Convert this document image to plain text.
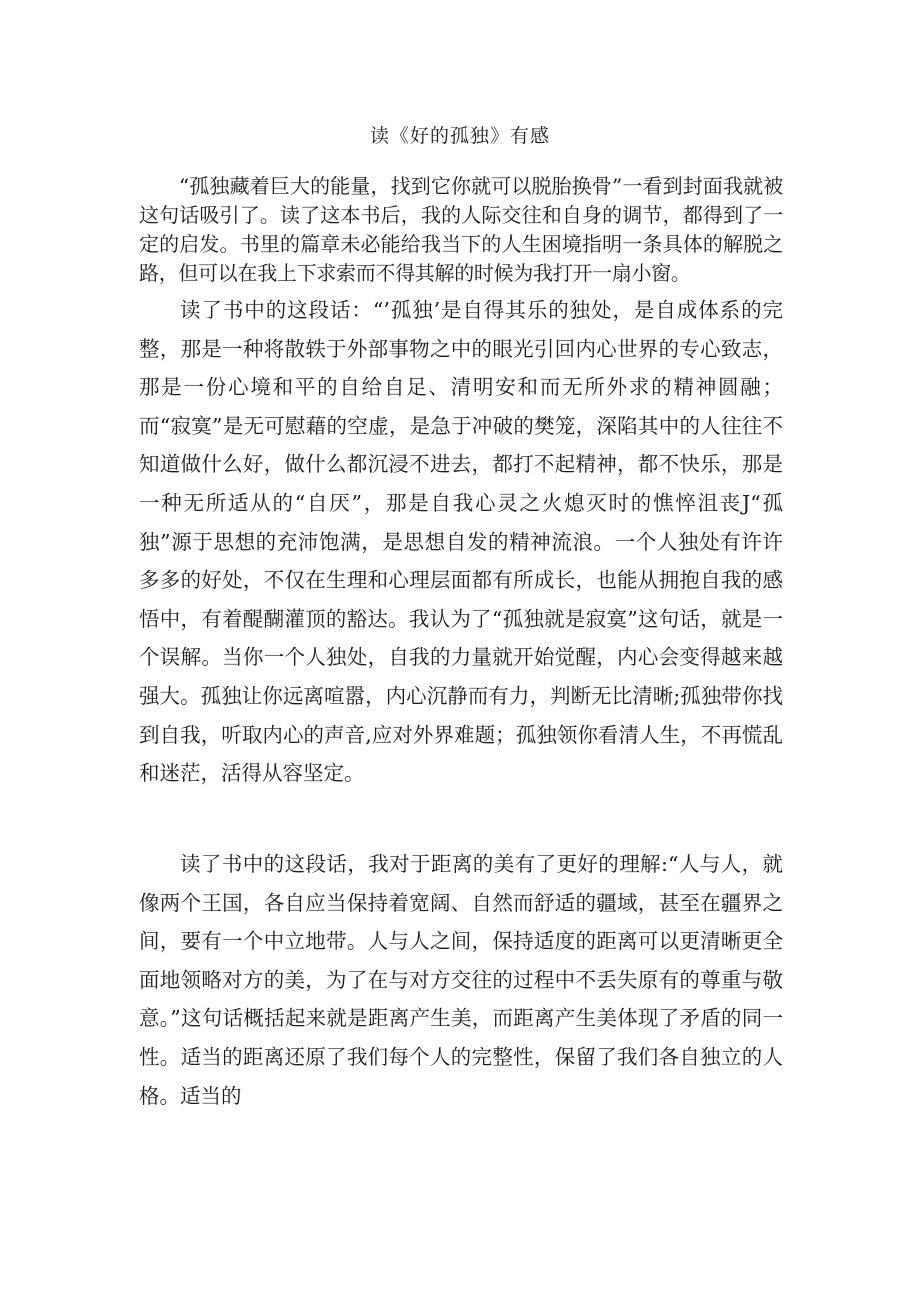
读《好的孤独》有感

“孤独藏着巨大的能量，找到它你就可以脱胎换骨”一看到封面我就被这句话吸引了。读了这本书后，我的人际交往和自身的调节，都得到了一定的启发。书里的篇章未必能给我当下的人生困境指明一条具体的解脱之路，但可以在我上下求索而不得其解的时候为我打开一扇小窗。

读了书中的这段话：“’孤独’是自得其乐的独处，是自成体系的完整，那是一种将散轶于外部事物之中的眼光引回内心世界的专心致志，那是一份心境和平的自给自足、清明安和而无所外求的精神圆融；而“寂寞”是无可慰藉的空虚，是急于冲破的樊笼，深陷其中的人往往不知道做什么好，做什么都沉浸不进去，都打不起精神，都不快乐，那是一种无所适从的“自厌”，那是自我心灵之火熄灭时的憔悴沮丧J“孤独”源于思想的充沛饱满，是思想自发的精神流浪。一个人独处有许许多多的好处，不仅在生理和心理层面都有所成长，也能从拥抱自我的感悟中，有着醍醐灌顶的豁达。我认为了“孤独就是寂寞”这句话，就是一个误解。当你一个人独处，自我的力量就开始觉醒，内心会变得越来越强大。孤独让你远离喧嚣，内心沉静而有力，判断无比清晰;孤独带你找到自我，听取内心的声音,应对外界难题；孤独领你看清人生，不再慌乱和迷茫，活得从容坚定。

读了书中的这段话，我对于距离的美有了更好的理解:“人与人，就像两个王国，各自应当保持着宽阔、自然而舒适的疆域，甚至在疆界之间，要有一个中立地带。人与人之间，保持适度的距离可以更清晰更全面地领略对方的美，为了在与对方交往的过程中不丢失原有的尊重与敬意。”这句话概括起来就是距离产生美，而距离产生美体现了矛盾的同一性。适当的距离还原了我们每个人的完整性，保留了我们各自独立的人格。适当的
